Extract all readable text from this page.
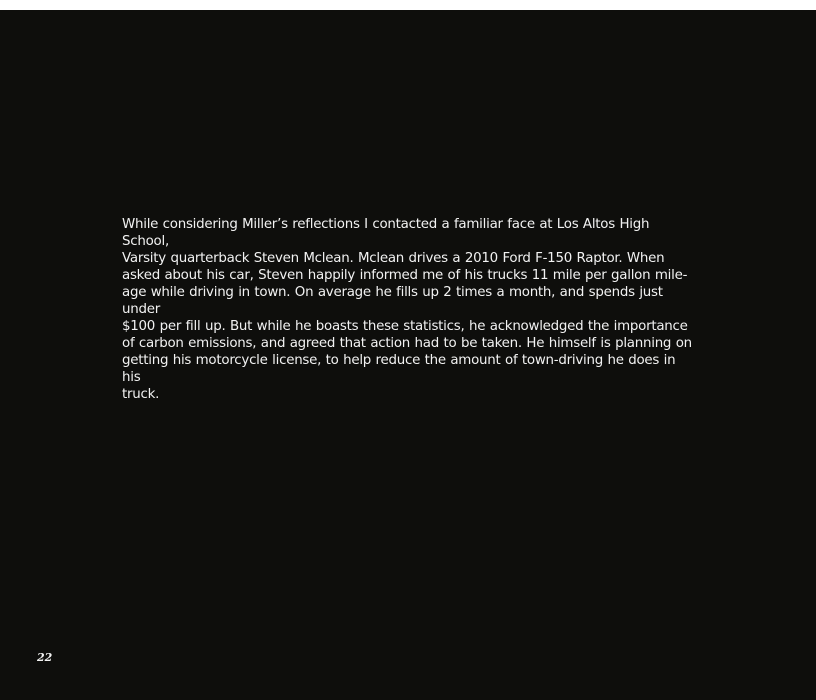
While considering Miller’s reflections I contacted a familiar face at Los Altos High School,
Varsity quarterback Steven Mclean. Mclean drives a 2010 Ford F-150 Raptor. When
asked about his car, Steven happily informed me of his trucks 11 mile per gallon mile-
age while driving in town. On average he fills up 2 times a month, and spends just under
$100 per fill up. But while he boasts these statistics, he acknowledged the importance
of carbon emissions, and agreed that action had to be taken. He himself is planning on
getting his motorcycle license, to help reduce the amount of town-driving he does in his
truck.

22
